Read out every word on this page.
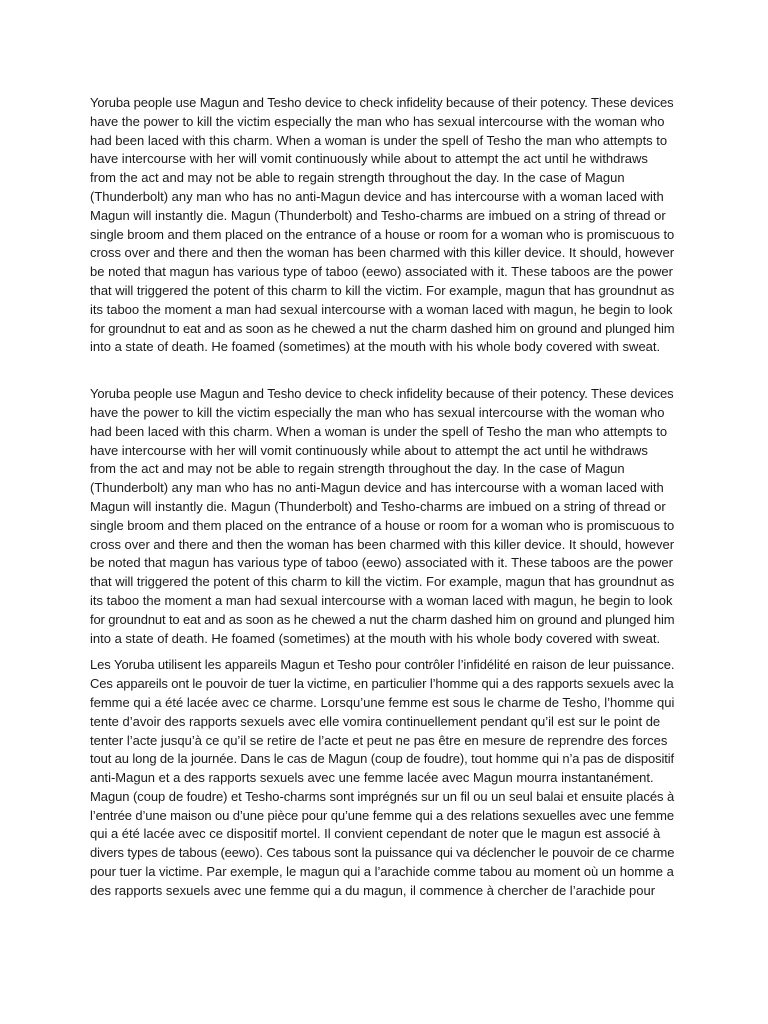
Yoruba people use Magun and Tesho device to check infidelity because of their potency. These devices
have the power to kill the victim especially the man who has sexual intercourse with the woman who
had been laced with this charm. When a woman is under the spell of Tesho the man who attempts to
have intercourse with her will vomit continuously while about to attempt the act until he withdraws
from the act and may not be able to regain strength throughout the day. In the case of Magun
(Thunderbolt) any man who has no anti-Magun device and has intercourse with a woman laced with
Magun will instantly die. Magun (Thunderbolt) and Tesho-charms are imbued on a string of thread or
single broom and them placed on the entrance of a house or room for a woman who is promiscuous to
cross over and there and then the woman has been charmed with this killer device. It should, however
be noted that magun has various type of taboo (eewo) associated with it. These taboos are the power
that will triggered the potent of this charm to kill the victim. For example, magun that has groundnut as
its taboo the moment a man had sexual intercourse with a woman laced with magun, he begin to look
for groundnut to eat and as soon as he chewed a nut the charm dashed him on ground and plunged him
into a state of death. He foamed (sometimes) at the mouth with his whole body covered with sweat.
Yoruba people use Magun and Tesho device to check infidelity because of their potency. These devices
have the power to kill the victim especially the man who has sexual intercourse with the woman who
had been laced with this charm. When a woman is under the spell of Tesho the man who attempts to
have intercourse with her will vomit continuously while about to attempt the act until he withdraws
from the act and may not be able to regain strength throughout the day. In the case of Magun
(Thunderbolt) any man who has no anti-Magun device and has intercourse with a woman laced with
Magun will instantly die. Magun (Thunderbolt) and Tesho-charms are imbued on a string of thread or
single broom and them placed on the entrance of a house or room for a woman who is promiscuous to
cross over and there and then the woman has been charmed with this killer device. It should, however
be noted that magun has various type of taboo (eewo) associated with it. These taboos are the power
that will triggered the potent of this charm to kill the victim. For example, magun that has groundnut as
its taboo the moment a man had sexual intercourse with a woman laced with magun, he begin to look
for groundnut to eat and as soon as he chewed a nut the charm dashed him on ground and plunged him
into a state of death. He foamed (sometimes) at the mouth with his whole body covered with sweat.
Les Yoruba utilisent les appareils Magun et Tesho pour contrôler l’infidélité en raison de leur puissance.
Ces appareils ont le pouvoir de tuer la victime, en particulier l’homme qui a des rapports sexuels avec la
femme qui a été lacée avec ce charme. Lorsqu’une femme est sous le charme de Tesho, l’homme qui
tente d’avoir des rapports sexuels avec elle vomira continuellement pendant qu’il est sur le point de
tenter l’acte jusqu’à ce qu’il se retire de l’acte et peut ne pas être en mesure de reprendre des forces
tout au long de la journée. Dans le cas de Magun (coup de foudre), tout homme qui n’a pas de dispositif
anti-Magun et a des rapports sexuels avec une femme lacée avec Magun mourra instantanément.
Magun (coup de foudre) et Tesho-charms sont imprégnés sur un fil ou un seul balai et ensuite placés à
l’entrée d’une maison ou d’une pièce pour qu’une femme qui a des relations sexuelles avec une femme
qui a été lacée avec ce dispositif mortel. Il convient cependant de noter que le magun est associé à
divers types de tabous (eewo). Ces tabous sont la puissance qui va déclencher le pouvoir de ce charme
pour tuer la victime. Par exemple, le magun qui a l’arachide comme tabou au moment où un homme a
des rapports sexuels avec une femme qui a du magun, il commence à chercher de l’arachide pour
